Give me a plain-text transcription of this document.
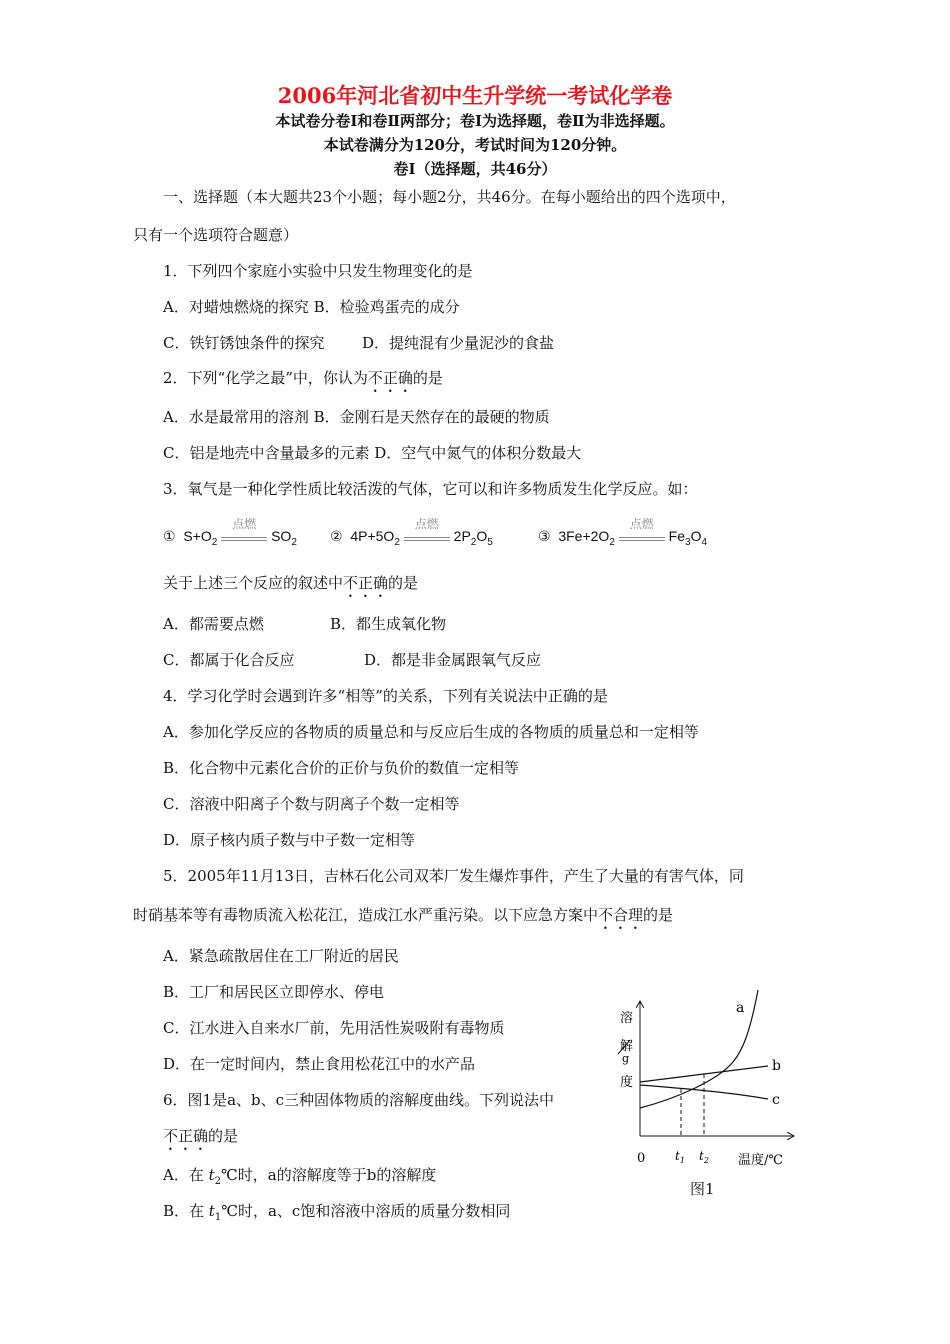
2006年河北省初中生升学统一考试化学卷
本试卷分卷Ⅰ和卷Ⅱ两部分；卷Ⅰ为选择题，卷Ⅱ为非选择题。
本试卷满分为120分，考试时间为120分钟。
卷Ⅰ（选择题，共46分）
一、选择题（本大题共23个小题；每小题2分，共46分。在每小题给出的四个选项中，
只有一个选项符合题意）
1．下列四个家庭小实验中只发生物理变化的是
A．对蜡烛燃烧的探究 B．检验鸡蛋壳的成分
C．铁钉锈蚀条件的探究	D．提纯混有少量泥沙的食盐
2．下列“化学之最”中，你认为不正确的是
A．水是最常用的溶剂 B．金刚石是天然存在的最硬的物质
C．铝是地壳中含量最多的元素 D．空气中氮气的体积分数最大
3．氧气是一种化学性质比较活泼的气体，它可以和许多物质发生化学反应。如：
① $S+O_2$
点燃
$SO_2$ ② $4P+5O_2$
点燃
$2P_2O_5$	③ $3Fe+2O_2$
点燃
$Fe_3O_4$
关于上述三个反应的叙述中不正确的是
A．都需要点燃	B．都生成氧化物
C．都属于化合反应	D．都是非金属跟氧气反应
4．学习化学时会遇到许多“相等”的关系，下列有关说法中正确的是
A．参加化学反应的各物质的质量总和与反应后生成的各物质的质量总和一定相等
B．化合物中元素化合价的正价与负价的数值一定相等
C．溶液中阳离子个数与阴离子个数一定相等
D．原子核内质子数与中子数一定相等
5．2005年11月13日，吉林石化公司双苯厂发生爆炸事件，产生了大量的有害气体，同
时硝基苯等有毒物质流入松花江，造成江水严重污染。以下应急方案中不合理的是
A．紧急疏散居住在工厂附近的居民
B．工厂和居民区立即停水、停电
C．江水进入自来水厂前，先用活性炭吸附有毒物质
D．在一定时间内，禁止食用松花江中的水产品
6．图1是a、b、c三种固体物质的溶解度曲线。下列说法中
不正确的是
A．在 $t_2℃$时，a的溶解度等于b的溶解度
B．在 $t_1℃$时，a、c饱和溶液中溶质的质量分数相同
溶
解
g
度
a
b
c
0 $t_1$ $t_2$ 温度/℃
图1
